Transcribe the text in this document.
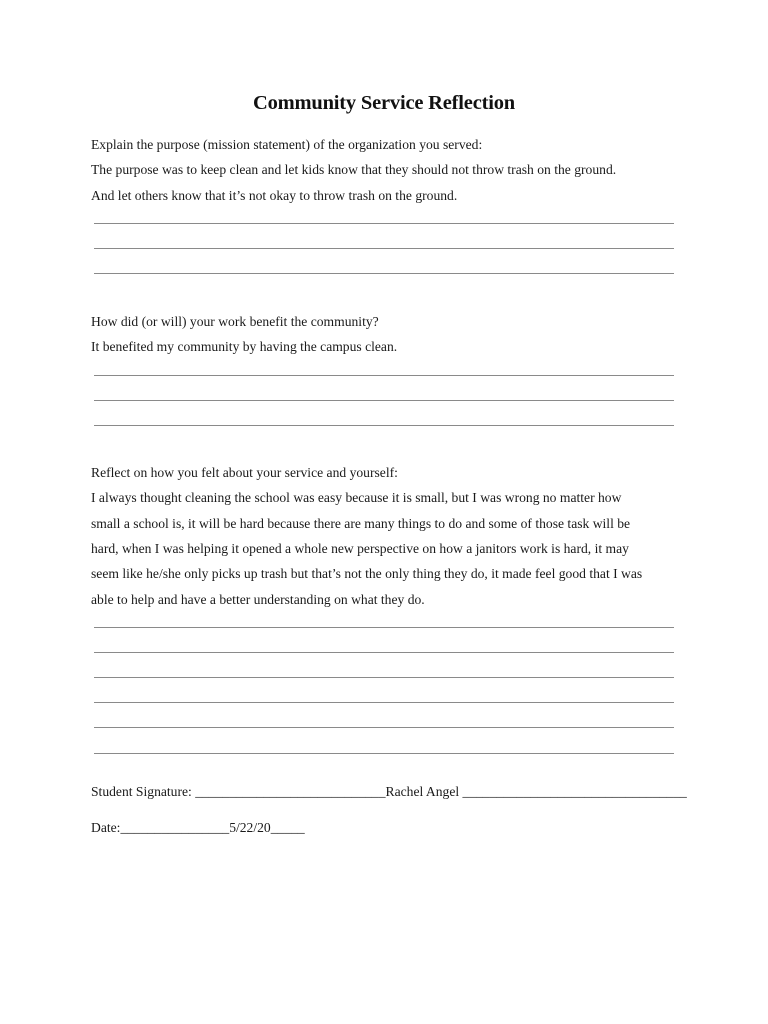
Community Service Reflection
Explain the purpose (mission statement) of the organization you served:
The purpose was to keep clean and let kids know that they should not throw trash on the ground.
And let others know that it’s not okay to throw trash on the ground.
How did (or will) your work benefit the community?
It benefited my community by having the campus clean.
Reflect on how you felt about your service and yourself:
I always thought cleaning the school was easy because it is small, but I was wrong no matter how
small a school is, it will be hard because there are many things to do and some of those task will be
hard, when I was helping it opened a whole new perspective on how a janitors work is hard, it may
seem like he/she only picks up trash but that’s not the only thing they do, it made feel good that I was
able to help and have a better understanding on what they do.
Student Signature: ____________________________Rachel Angel _________________________________
Date:________________5/22/20_____
